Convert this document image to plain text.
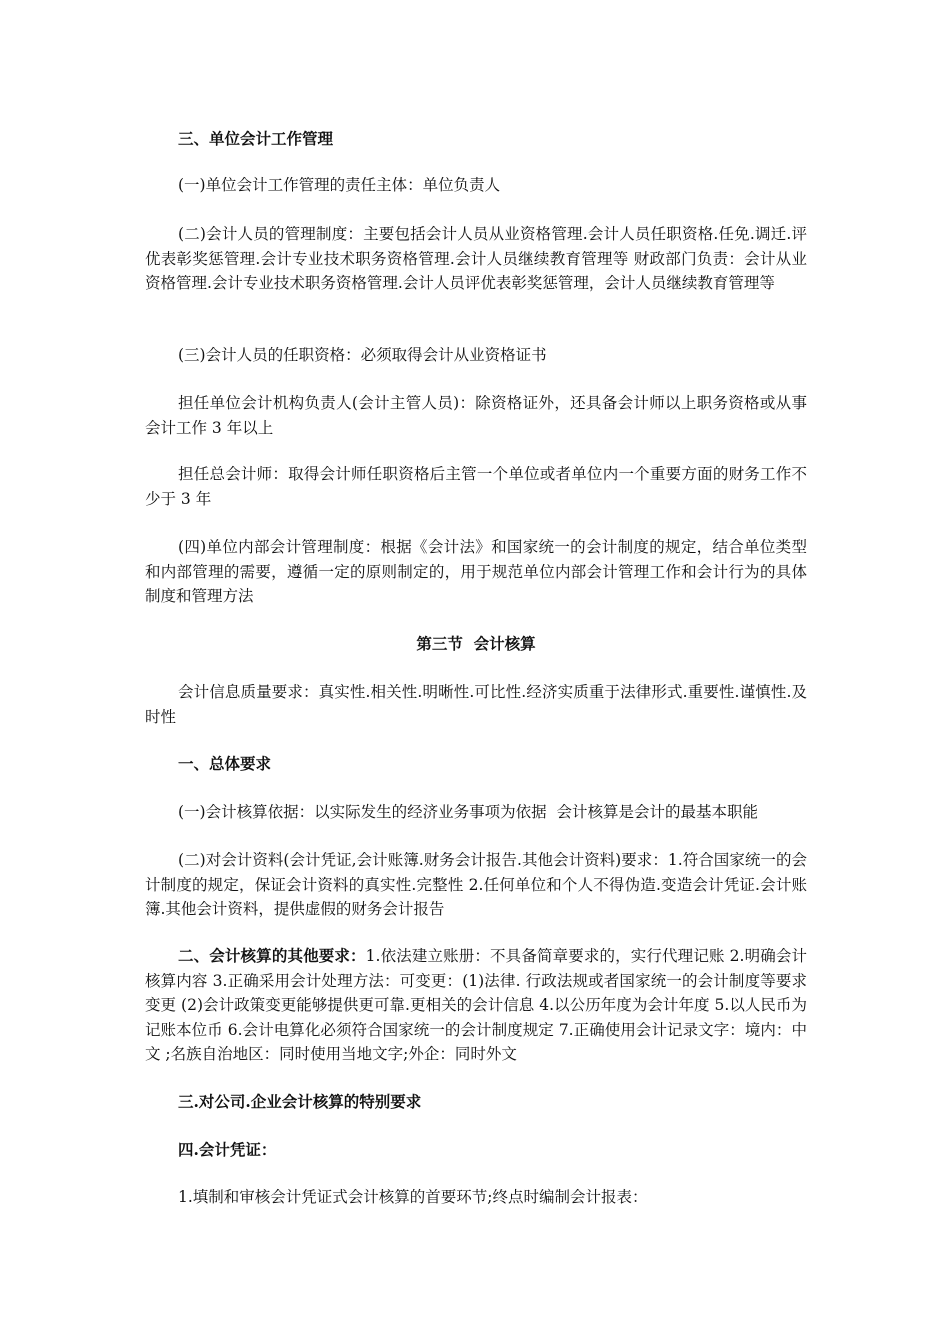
三、单位会计工作管理

(一)单位会计工作管理的责任主体：单位负责人

(二)会计人员的管理制度：主要包括会计人员从业资格管理.会计人员任职资格.任免.调迁.评优表彰奖惩管理.会计专业技术职务资格管理.会计人员继续教育管理等 财政部门负责：会计从业资格管理.会计专业技术职务资格管理.会计人员评优表彰奖惩管理，会计人员继续教育管理等

(三)会计人员的任职资格：必须取得会计从业资格证书

担任单位会计机构负责人(会计主管人员)：除资格证外，还具备会计师以上职务资格或从事会计工作 3 年以上

担任总会计师：取得会计师任职资格后主管一个单位或者单位内一个重要方面的财务工作不少于 3 年

(四)单位内部会计管理制度：根据《会计法》和国家统一的会计制度的规定，结合单位类型和内部管理的需要，遵循一定的原则制定的，用于规范单位内部会计管理工作和会计行为的具体制度和管理方法

第三节  会计核算

会计信息质量要求：真实性.相关性.明晰性.可比性.经济实质重于法律形式.重要性.谨慎性.及时性

一、总体要求

(一)会计核算依据：以实际发生的经济业务事项为依据  会计核算是会计的最基本职能

(二)对会计资料(会计凭证,会计账簿.财务会计报告.其他会计资料)要求：1.符合国家统一的会计制度的规定，保证会计资料的真实性.完整性 2.任何单位和个人不得伪造.变造会计凭证.会计账簿.其他会计资料，提供虚假的财务会计报告

二、会计核算的其他要求：1.依法建立账册：不具备简章要求的，实行代理记账 2.明确会计核算内容 3.正确采用会计处理方法：可变更：(1)法律. 行政法规或者国家统一的会计制度等要求变更 (2)会计政策变更能够提供更可靠.更相关的会计信息 4.以公历年度为会计年度 5.以人民币为记账本位币 6.会计电算化必须符合国家统一的会计制度规定 7.正确使用会计记录文字：境内：中文 ;名族自治地区：同时使用当地文字;外企：同时外文

三.对公司.企业会计核算的特别要求

四.会计凭证：

1.填制和审核会计凭证式会计核算的首要环节;终点时编制会计报表：
